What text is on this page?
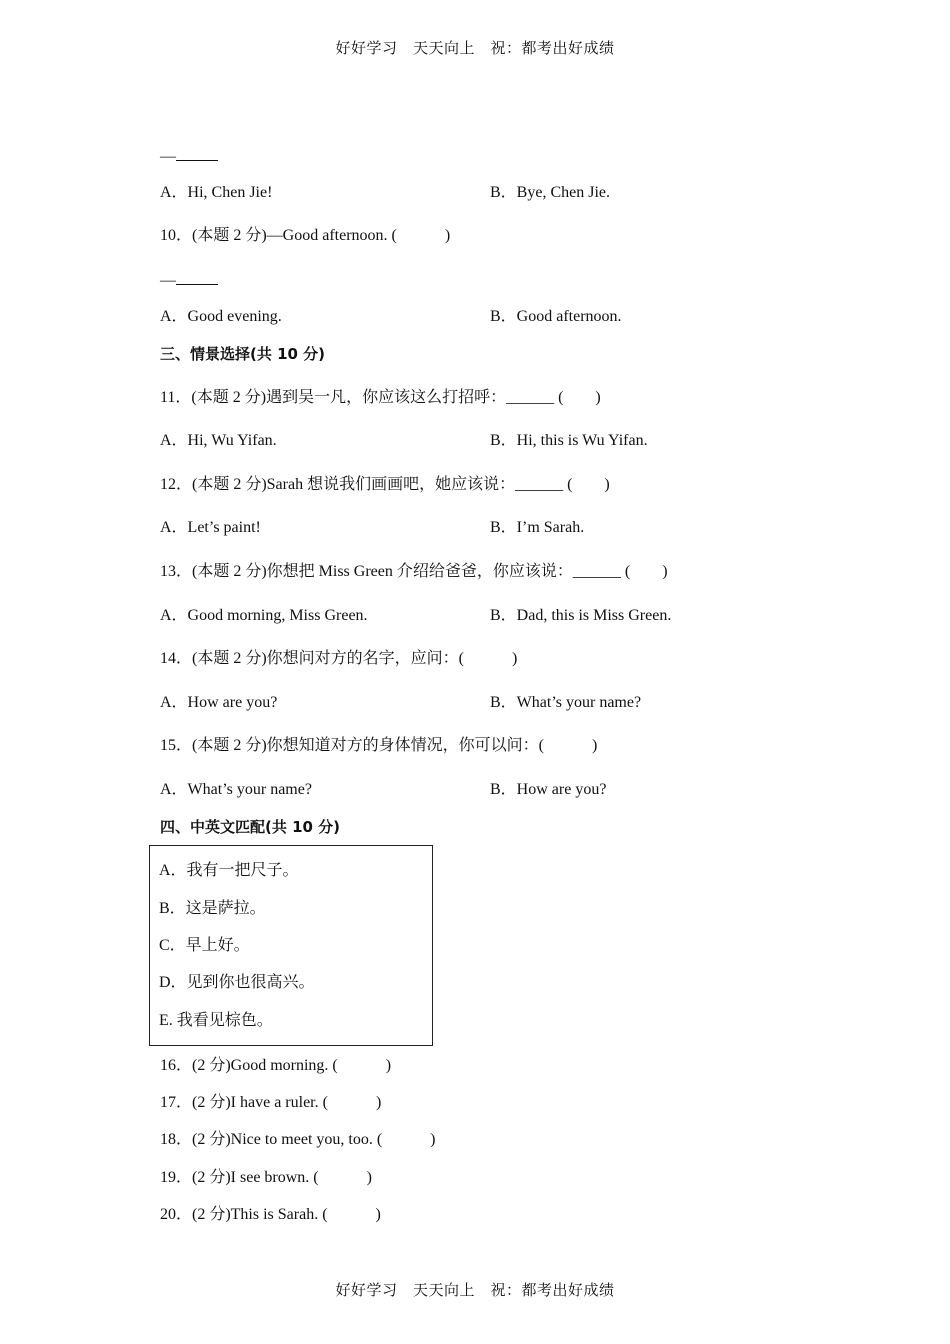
好好学习　天天向上　祝：都考出好成绩
—
A．Hi, Chen Jie!	B．Bye, Chen Jie.
10．(本题 2 分)—Good afternoon. (　　　)
—
A．Good evening.	B．Good afternoon.
三、情景选择(共 10 分)
11．(本题 2 分)遇到吴一凡，你应该这么打招呼：______ (　　)
A．Hi, Wu Yifan.	B．Hi, this is Wu Yifan.
12．(本题 2 分)Sarah 想说我们画画吧，她应该说：______ (　　)
A．Let’s paint!	B．I’m Sarah.
13．(本题 2 分)你想把 Miss Green 介绍给爸爸，你应该说：______ (　　)
A．Good morning, Miss Green.	B．Dad, this is Miss Green.
14．(本题 2 分)你想问对方的名字，应问：(　　　)
A．How are you?	B．What’s your name?
15．(本题 2 分)你想知道对方的身体情况，你可以问：(　　　)
A．What’s your name?	B．How are you?
四、中英文匹配(共 10 分)
A．我有一把尺子。
B．这是萨拉。
C．早上好。
D．见到你也很高兴。
E. 我看见棕色。
16．(2 分)Good morning. (　　　)
17．(2 分)I have a ruler. (　　　)
18．(2 分)Nice to meet you, too. (　　　)
19．(2 分)I see brown. (　　　)
20．(2 分)This is Sarah. (　　　)
好好学习　天天向上　祝：都考出好成绩
